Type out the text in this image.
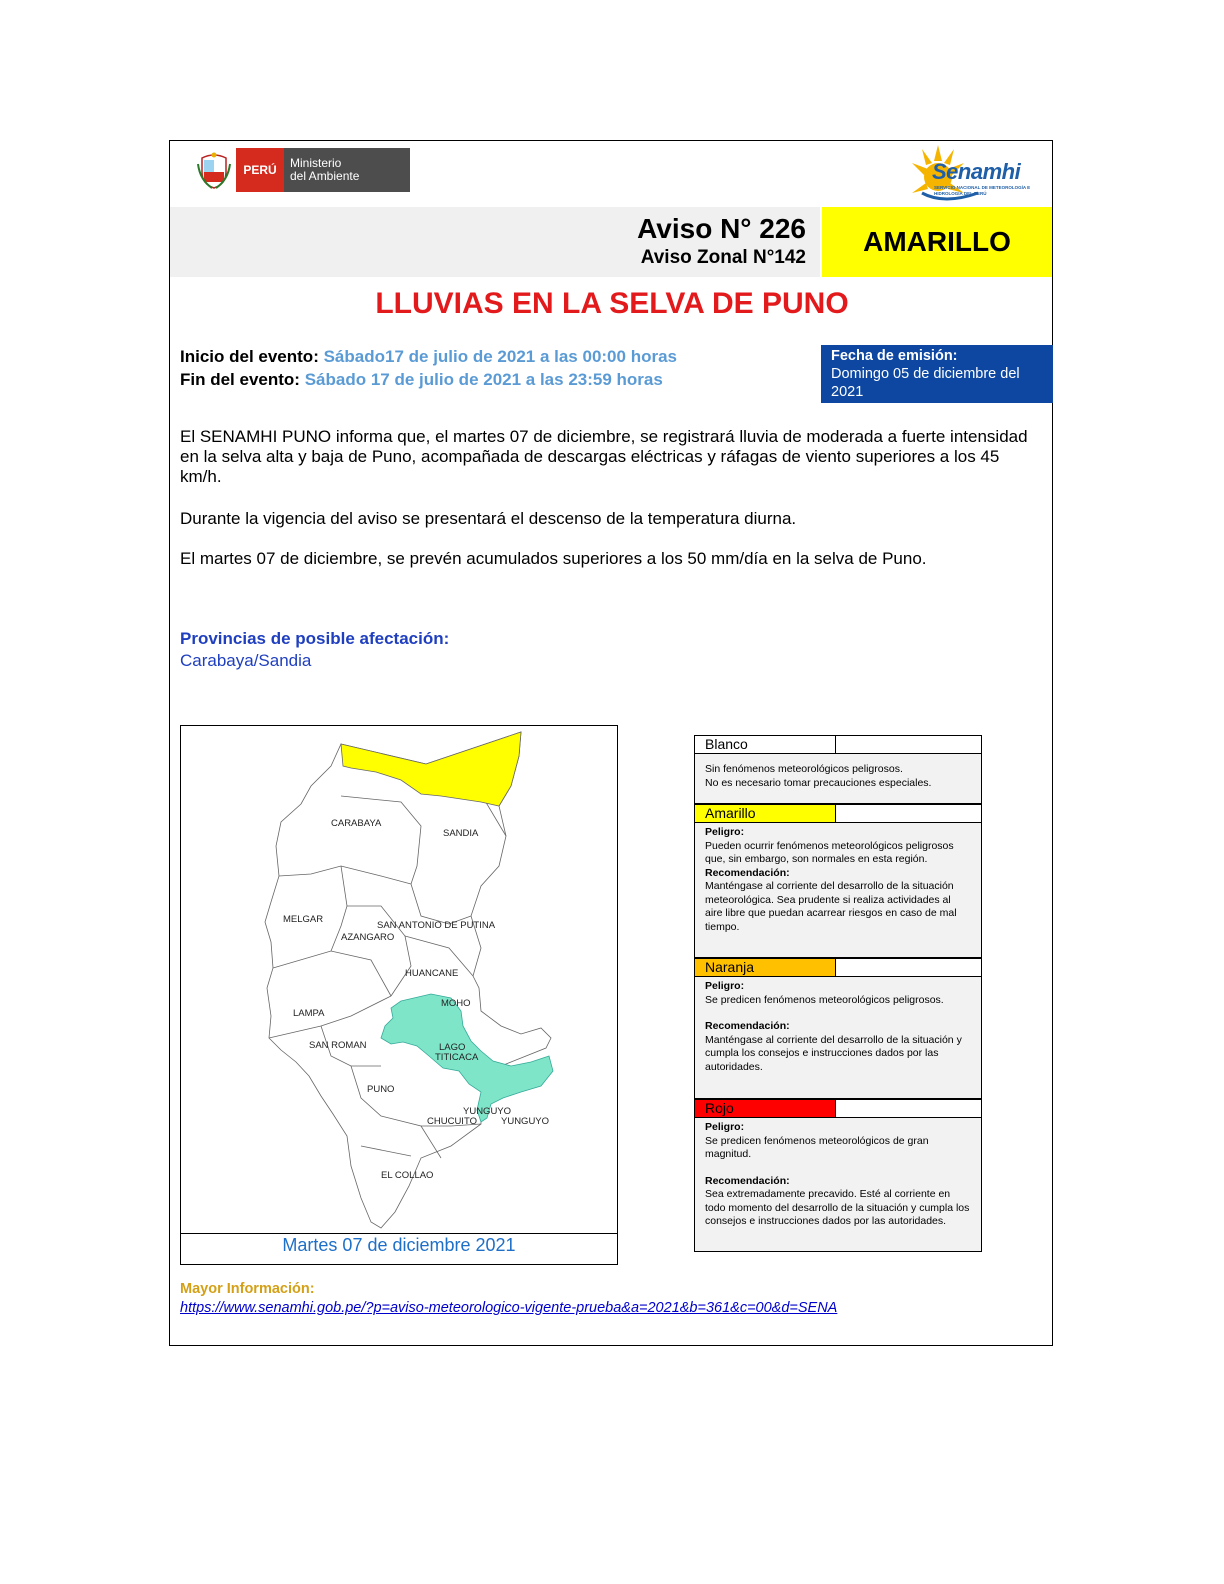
PERÚ	Ministerio
del Ambiente	Senamhi
SERVICIO NACIONAL DE METEOROLOGÍA E HIDROLOGÍA DEL PERÚ
Aviso N° 226
Aviso Zonal N°142
AMARILLO
LLUVIAS EN LA SELVA DE PUNO
Inicio del evento: Sábado17 de julio de 2021 a las 00:00 horas
Fin del evento: Sábado 17 de julio de 2021 a las 23:59 horas
Fecha de emisión:
Domingo 05 de diciembre del 2021
El SENAMHI PUNO informa que, el martes 07 de diciembre, se registrará lluvia de moderada a fuerte intensidad en la selva alta y baja de Puno, acompañada de descargas eléctricas y ráfagas de viento superiores a los 45 km/h.
Durante la vigencia del aviso se presentará el descenso de la temperatura diurna.
El martes 07 de diciembre, se prevén acumulados superiores a los 50 mm/día en la selva de Puno.
Provincias de posible afectación:
Carabaya/Sandia
CARABAYA
SANDIA
MELGAR
SAN ANTONIO DE PUTINA
AZANGARO
HUANCANE
MOHO
LAMPA
SAN ROMAN	LAGO
TITICACA
PUNO
YUNGUYO
YUNGUYO
CHUCUITO
EL COLLAO
Martes 07 de diciembre 2021
Blanco
Sin fenómenos meteorológicos peligrosos.
No es necesario tomar precauciones especiales.
Amarillo
Peligro:
Pueden ocurrir fenómenos meteorológicos peligrosos que, sin embargo, son normales en esta región.
Recomendación:
Manténgase al corriente del desarrollo de la situación meteorológica. Sea prudente si realiza actividades al aire libre que puedan acarrear riesgos en caso de mal tiempo.
Naranja
Peligro:
Se predicen fenómenos meteorológicos peligrosos.
Recomendación:
Manténgase al corriente del desarrollo de la situación y cumpla los consejos e instrucciones dados por las autoridades.
Rojo
Peligro:
Se predicen fenómenos meteorológicos de gran magnitud.
Recomendación:
Sea extremadamente precavido. Esté al corriente en todo momento del desarrollo de la situación y cumpla los consejos e instrucciones dados por las autoridades.
Mayor Información:
https://www.senamhi.gob.pe/?p=aviso-meteorologico-vigente-prueba&a=2021&b=361&c=00&d=SENA
